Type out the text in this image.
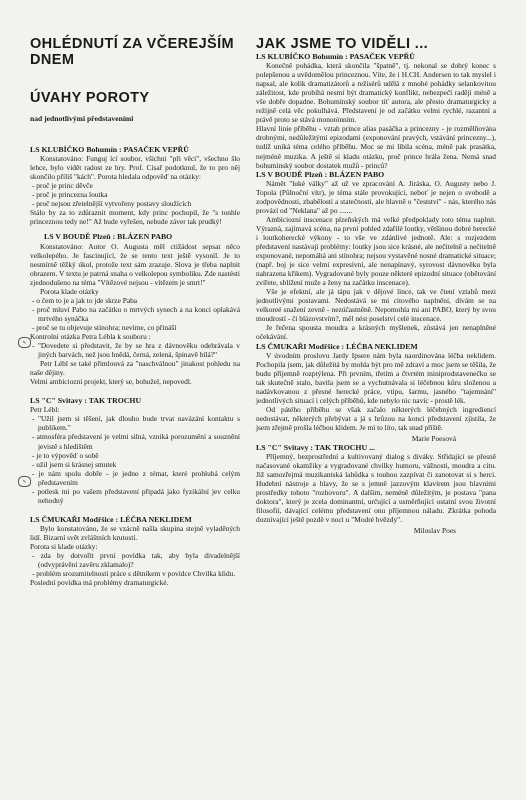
OHLÉDNUTÍ ZA VČEREJŠÍM DNEM
ÚVAHY POROTY
nad jednotlivými představeními
LS KLUBÍČKO Bohumín : PASAČEK VEPŘŮ

Konstatováno: Funguj ící soubor, všichni "při věci", všechno šlo lehce, bylo vidět radost ze hry. Prof. Císař podotknul, že to pro něj skončilo příliš "kách". Porota hledala odpověď na otázky:

- proč je princ děvče

- proč je princezna loutka

- proč nejsou zřetelnější vytvořeny postavy sloužících

Stálo by za to zdůraznit moment, kdy princ pochopil, že "s tonhle princeznou tedy ne!" Až bude vyřešen, nebude záver tak prudký!

LS V BOUDĚ Plzeň : BLÁZEN PABO

Konstatováno: Autor O. Augusta měl ctižádost sepsat něco velkolepého. Je fascinující, že se tento text ještě vysoníl. Je to nesmírně těžký úkol, protože text sám zrazuje. Slova je třeba naplnit obrazem. V textu je patrná snaha o velkolepou symboliku. Zde nastésti zjednodušeno na téma "Vítězové nejsou - vítězem je smrt!"

Porota klade otázky

- o čem to je a jak to jde skrze Paba

- proč mluví Pabo na začátku o mrtvých synech a na konci oplakává mrtvého synáčka

- proč se tu objevuje stínohra; nevíme, co přináší

Kontrolní otázka Petra Lébla k souboru :

- "Dovedete si představit, že by se hra z dávnověku odehrávala v jiných barvách, než jsou hnědá, černá, zelená, špinavě bílá?"

Petr Lébl se také přimlouvá za "naschválnou" jinakost pohledu na naše dějiny.

Velmi ambiciozní projekt, který se, bohužel, nepovedl.

LS "C" Svitavy : TAK TROCHU

Petr Lébl:

- "Užil jsem si těšení, jak dlouho bude trvat navázání kontaktu s publikem."

- atmosféra představení je velmi silná, vzniká porozumění a souznění jevistě s hledištěm

- je to výpověď o sobě

- užil jsem si krásnej smutek

- je nám spolu dobře - je jedno z témat, které prohlubá celým představením

- potlesk mi po vašem představení připadá jako fyzikální jev celku nehodný

LS ČMUKAŘI Modřšice : LÉČBA NEKLIDEM

Bylo konstatováno, že se vzácně našla skupina stejně vyladěných lidí. Bizarní svět zvláštních krutostí.

Porota si klade otázky:

- zda by dotvořit první povídka tak, aby byla divadelnější (odvyprávění zavěru zklamalo)?

- problém srozumitelnosti práce s dětníkem v povídce Chvilka klidu.

Poslední povídka má problémy dramaturgické.

✎
✎
JAK JSME TO VIDĚLI ...
LS KLUBÍČKO Bohumín : PASAČEK VEPŘŮ

Konečně pohádka, která skončila "špatně", tj. nekonal se dobrý konec s polepšenou a uvědomělou princeznou. Víte, že i H.CH. Andersen to tak myslel i napsal, ale kolik dramatizátorů a režisérů udělá z mnohé pohádky selankovitou záležitost, kde probíhá nesmí být dramatický konflikt, nebezpečí radějí méně a vše dobře dopadne. Bohumínský soubor tíť autora, ale přesto dramaturgicky a režijně celá věc pokulhává. Představení je od začátku velmi rychlé, razantní a právě proto se stává monotónním.

Hlavní linie příběhu - vztah prince alias pasáčka a princezny - je rozmělňována drobnými, nedůležitými epizodami (exponování pravých, vstávání princezny...), tudíž uniká téma celého příběhu. Moc se mi líbila scéna, méně pak prasátka, nejméně muzika. A ještě si kladu otázku, proč prince hrála žena. Nemá snad bohumínský soubor dostatek mužů - princů?

LS V BOUDĚ Plzeň : BLÁZEN PABO

Námět "luké války" až už ve zpracování A. Jiráska, O. Augusty nebo J. Topola (Půlnoční vítr), je téma stále provokující, neboť je nejen o svobodě a zodpovědnosti, zbabělosti a statečnosti, ale hlavně o "čestství" - nás, kterého nás provází od "Neklana" až po .......

Ambiciozní inscenace plzeňských má velké předpoklady toto téma naplnit. Výrazná, zajímavá scéna, na první pohled zdařilé loutky, většinou dobré herecké i loutkoherecké výkony - to vše ve zdánlivé jednotě. Ale: s rozjezdem představení nastávají problémy: loutky jsou sice krásné, ale nečitelně a nečitelně exponované, nepomáhá ani stínohra; nejsou vystavěné nosné dramatické situace; (např. boj je sice velmi expresivní, ale nenapínavý, syrovost dávnověku byla nahrazena křikem). Vygradované byly pouze některé epizodní situace (obětování zvířete, sblížení muže a ženy na začátku inscenace).

Vše je efektní, ale já tápu jak v dějové lince, tak ve čtení vztahů mezi jednotlivými postavami. Nedostává se mi citového naplnění, dívám se na velkoreé snažení zevně - nezúčastněně. Nepomohla mi ani PABO, který by svou moudrostí - či blázovstvím?, měl nést poselství celé inscenace.

Je řečena spousta moudra a krásných myšlenek, zůstává jen nenaplněné očekávání.

LS ČMUKAŘI Modřšice : LÉČBA NEKLIDEM

V úvodním proslovu Jardy Ipsere nám byla naordinována léčba neklidem. Pochopila jsem, jak důležitá by mohla být pro mě zdraví a moc jsem se těšila, že budu příjemně rozptýlena. Při prvním, třetím a čtvrtém miniprodstavenečku se tak skutečně stalo, bavila jsem se a vychutnávala si léčebnou kůru složenou a nadávkovanou z přesné herecké práce, vtipu, šarmu, jasného "tajemnání" jednotlivých situací i celých příběhů, kde nebylo nic navíc - prostě lék.

Od pátého příběhu se však začalo některých léčebných ingrediencí nedostávat, některých přebývat a já s hrůzou na konci představení zjistila, že jsem zřejmě prošla léčbou klidem. Je mi to líto, tak snad příště.

Marie Poesová

LS "C" Svitavy : TAK TROCHU ...

Příjemný, bezprostřední a kultivovaný dialog s diváky. Střídající se přesně načasované okamžiky a vygradované chvilky humoru, vážnosti, moudra a citu. Již samozřejmá muzikantská lahůdka s touhou zazpívat či zanotovat si s herci. Hudební nástroje a hlavy, že se s jemně jazzovým klavírem jsou hlavními prostředky tohoto "rozhovoru". A dalším, neméně důležitým, je postava "pana doktora", který je zcela dominantní, určující a usměrňující ostatní svou životní filosofií, dávající celému představení onu příjemnou náladu. Zkrátka pohoda doznívající ještě pozdě v noci u "Modré hvězdy".

Miloslav Poes
